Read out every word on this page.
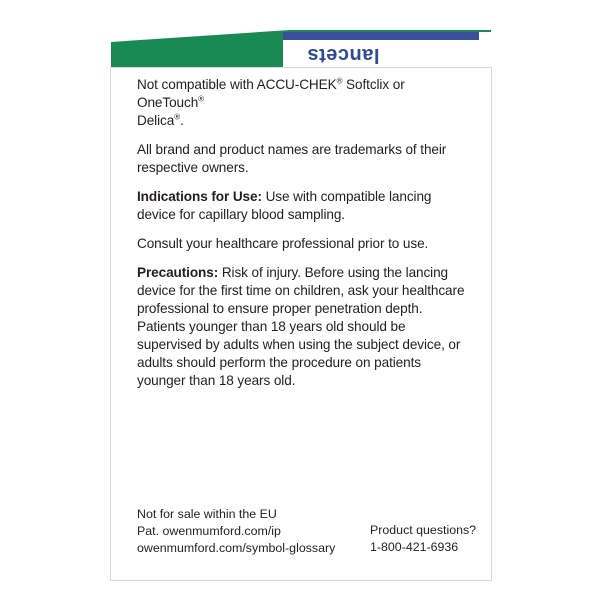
lancets

Not compatible with ACCU-CHEK® Softclix or OneTouch®
Delica®.

All brand and product names are trademarks of their respective owners.

Indications for Use: Use with compatible lancing device for capillary blood sampling.

Consult your healthcare professional prior to use.

Precautions: Risk of injury. Before using the lancing device for the first time on children, ask your healthcare professional to ensure proper penetration depth. Patients younger than 18 years old should be supervised by adults when using the subject device, or adults should perform the procedure on patients younger than 18 years old.

Not for sale within the EU
Pat. owenmumford.com/ip
owenmumford.com/symbol-glossary
Product questions?
1-800-421-6936
